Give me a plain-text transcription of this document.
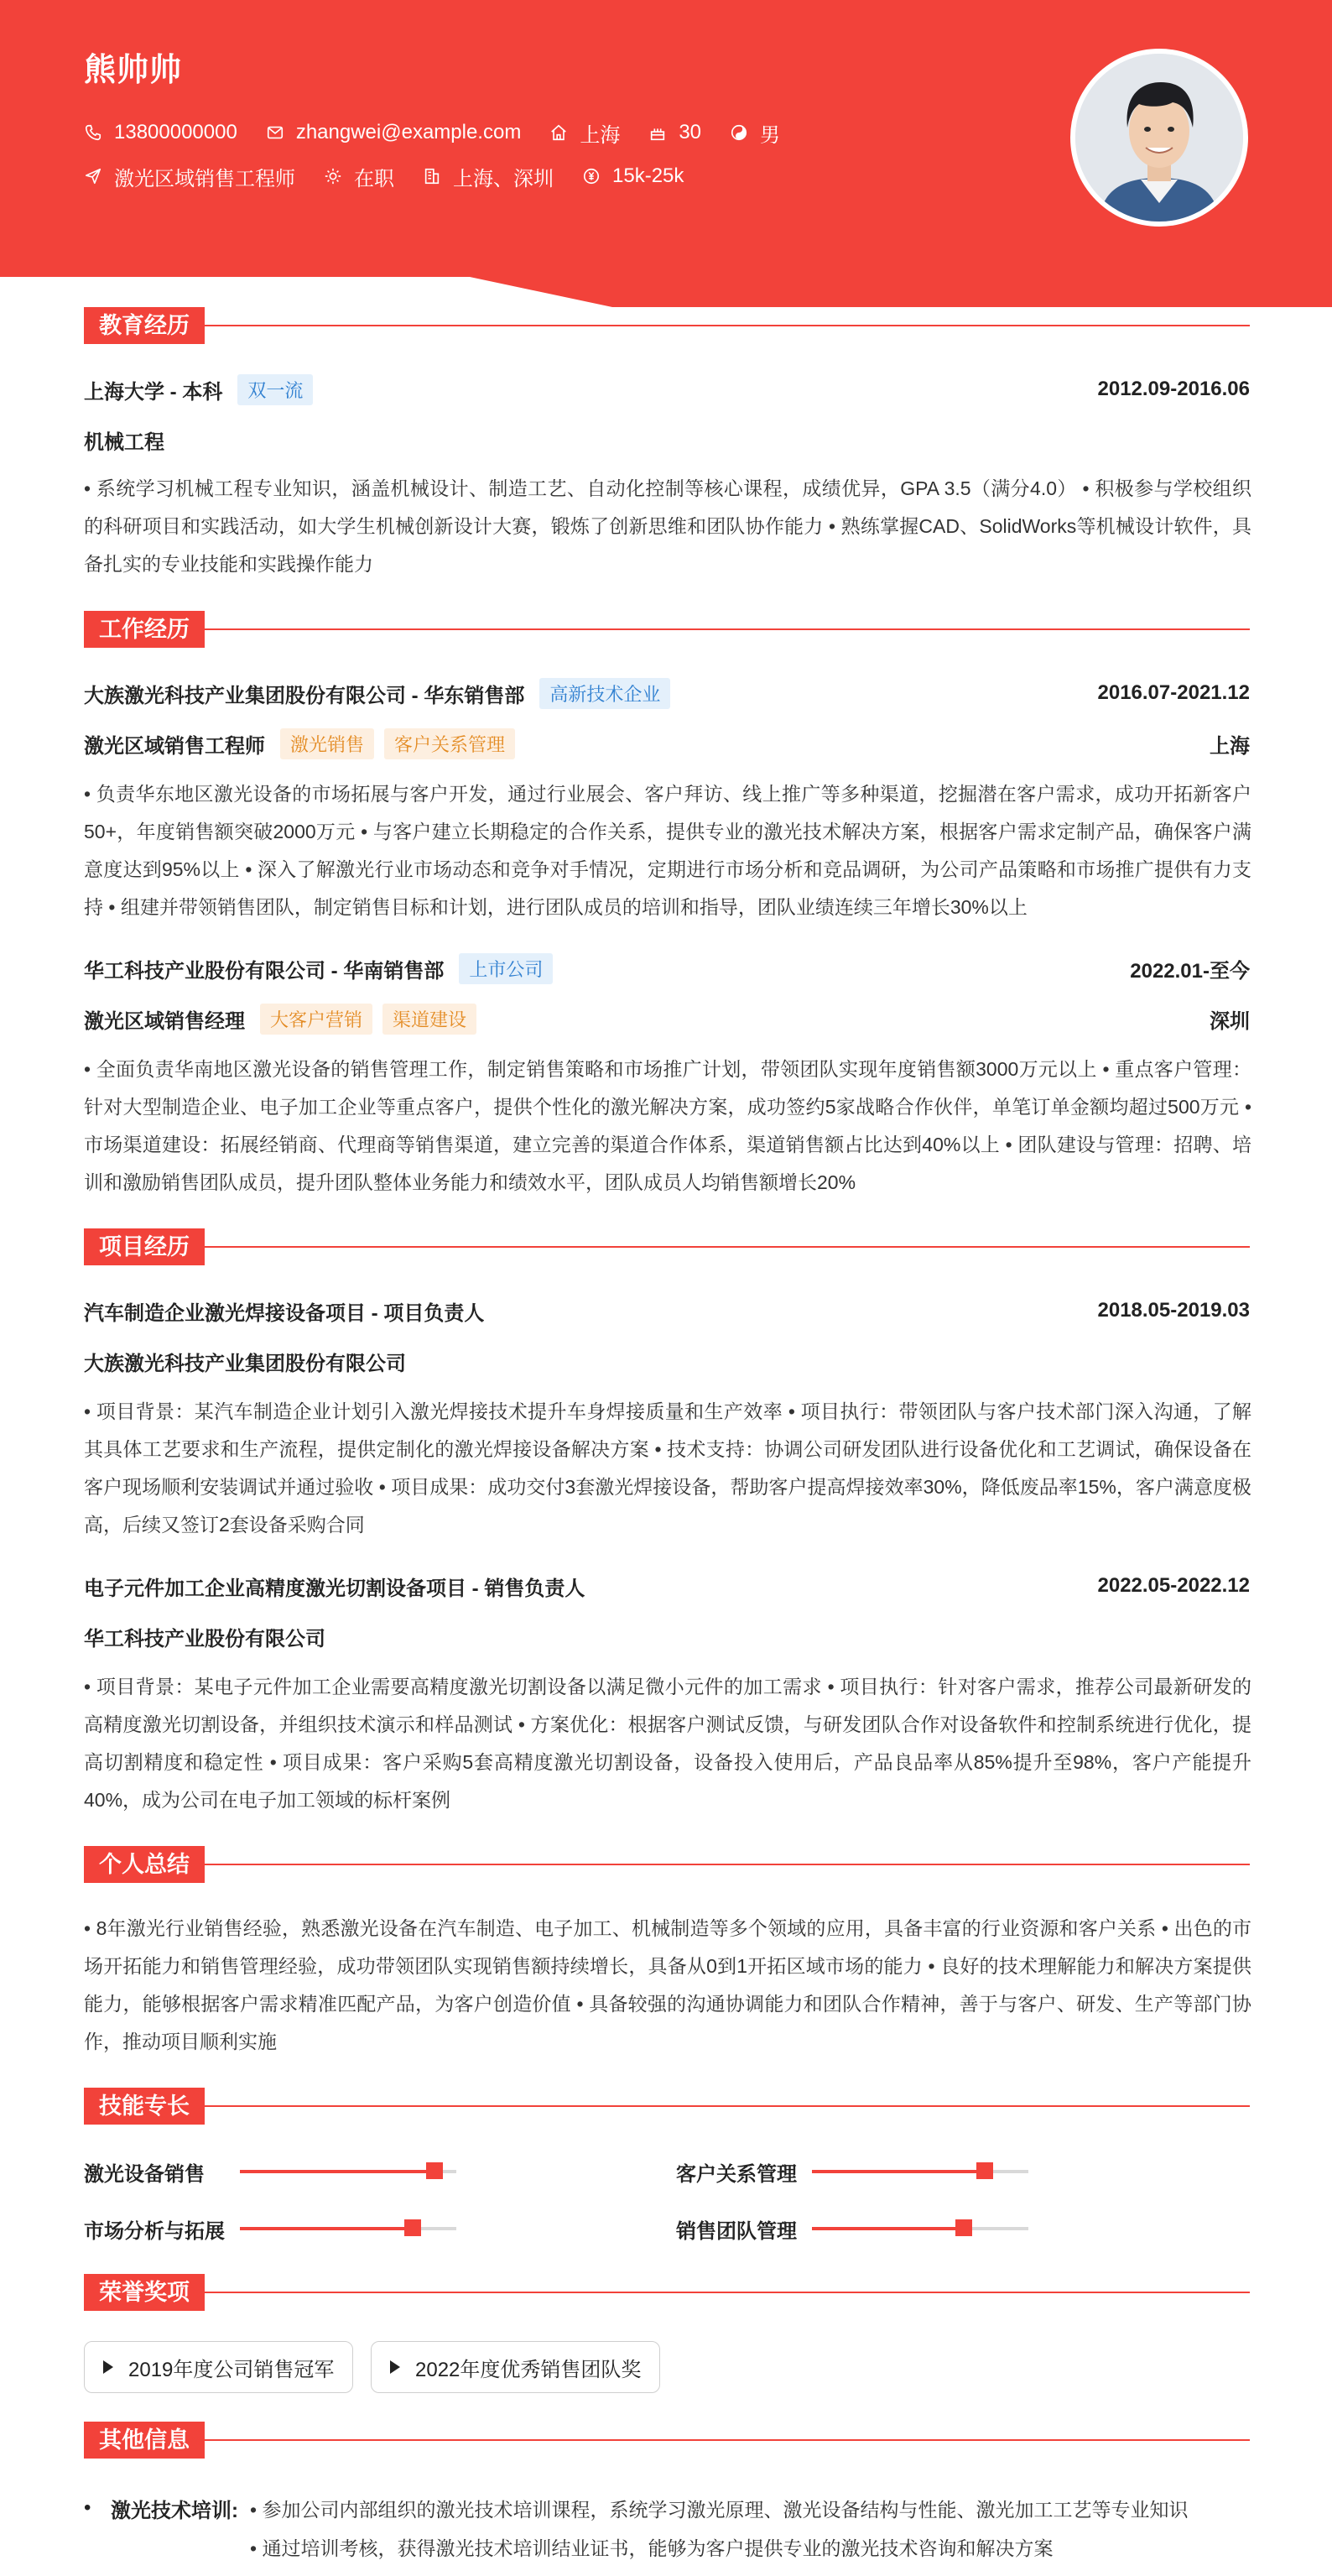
熊帅帅
13800000000	zhangwei@example.com	上海	30	男
激光区域销售工程师	在职	上海、深圳	15k-25k
教育经历
上海大学 - 本科	双一流	2012.09-2016.06
机械工程
• 系统学习机械工程专业知识，涵盖机械设计、制造工艺、自动化控制等核心课程，成绩优异，GPA 3.5（满分4.0） • 积极参与学校组织的科研项目和实践活动，如大学生机械创新设计大赛，锻炼了创新思维和团队协作能力 • 熟练掌握CAD、SolidWorks等机械设计软件，具备扎实的专业技能和实践操作能力
工作经历
大族激光科技产业集团股份有限公司 - 华东销售部	高新技术企业	2016.07-2021.12
激光区域销售工程师	激光销售	客户关系管理	上海
• 负责华东地区激光设备的市场拓展与客户开发，通过行业展会、客户拜访、线上推广等多种渠道，挖掘潜在客户需求，成功开拓新客户50+，年度销售额突破2000万元 • 与客户建立长期稳定的合作关系，提供专业的激光技术解决方案，根据客户需求定制产品，确保客户满意度达到95%以上 • 深入了解激光行业市场动态和竞争对手情况，定期进行市场分析和竞品调研，为公司产品策略和市场推广提供有力支持 • 组建并带领销售团队，制定销售目标和计划，进行团队成员的培训和指导，团队业绩连续三年增长30%以上
华工科技产业股份有限公司 - 华南销售部	上市公司	2022.01-至今
激光区域销售经理	大客户营销	渠道建设	深圳
• 全面负责华南地区激光设备的销售管理工作，制定销售策略和市场推广计划，带领团队实现年度销售额3000万元以上 • 重点客户管理：针对大型制造企业、电子加工企业等重点客户，提供个性化的激光解决方案，成功签约5家战略合作伙伴，单笔订单金额均超过500万元 • 市场渠道建设：拓展经销商、代理商等销售渠道，建立完善的渠道合作体系，渠道销售额占比达到40%以上 • 团队建设与管理：招聘、培训和激励销售团队成员，提升团队整体业务能力和绩效水平，团队成员人均销售额增长20%
项目经历
汽车制造企业激光焊接设备项目 - 项目负责人	2018.05-2019.03
大族激光科技产业集团股份有限公司
• 项目背景：某汽车制造企业计划引入激光焊接技术提升车身焊接质量和生产效率 • 项目执行：带领团队与客户技术部门深入沟通，了解其具体工艺要求和生产流程，提供定制化的激光焊接设备解决方案 • 技术支持：协调公司研发团队进行设备优化和工艺调试，确保设备在客户现场顺利安装调试并通过验收 • 项目成果：成功交付3套激光焊接设备，帮助客户提高焊接效率30%，降低废品率15%，客户满意度极高，后续又签订2套设备采购合同
电子元件加工企业高精度激光切割设备项目 - 销售负责人	2022.05-2022.12
华工科技产业股份有限公司
• 项目背景：某电子元件加工企业需要高精度激光切割设备以满足微小元件的加工需求 • 项目执行：针对客户需求，推荐公司最新研发的高精度激光切割设备，并组织技术演示和样品测试 • 方案优化：根据客户测试反馈，与研发团队合作对设备软件和控制系统进行优化，提高切割精度和稳定性 • 项目成果：客户采购5套高精度激光切割设备，设备投入使用后，产品良品率从85%提升至98%，客户产能提升40%，成为公司在电子加工领域的标杆案例
个人总结
• 8年激光行业销售经验，熟悉激光设备在汽车制造、电子加工、机械制造等多个领域的应用，具备丰富的行业资源和客户关系 • 出色的市场开拓能力和销售管理经验，成功带领团队实现销售额持续增长，具备从0到1开拓区域市场的能力 • 良好的技术理解能力和解决方案提供能力，能够根据客户需求精准匹配产品，为客户创造价值 • 具备较强的沟通协调能力和团队合作精神，善于与客户、研发、生产等部门协作，推动项目顺利实施
技能专长
激光设备销售	客户关系管理
市场分析与拓展	销售团队管理
荣誉奖项
2019年度公司销售冠军	2022年度优秀销售团队奖
其他信息
• 激光技术培训: • 参加公司内部组织的激光技术培训课程，系统学习激光原理、激光设备结构与性能、激光加工工艺等专业知识
• 通过培训考核，获得激光技术培训结业证书，能够为客户提供专业的激光技术咨询和解决方案
